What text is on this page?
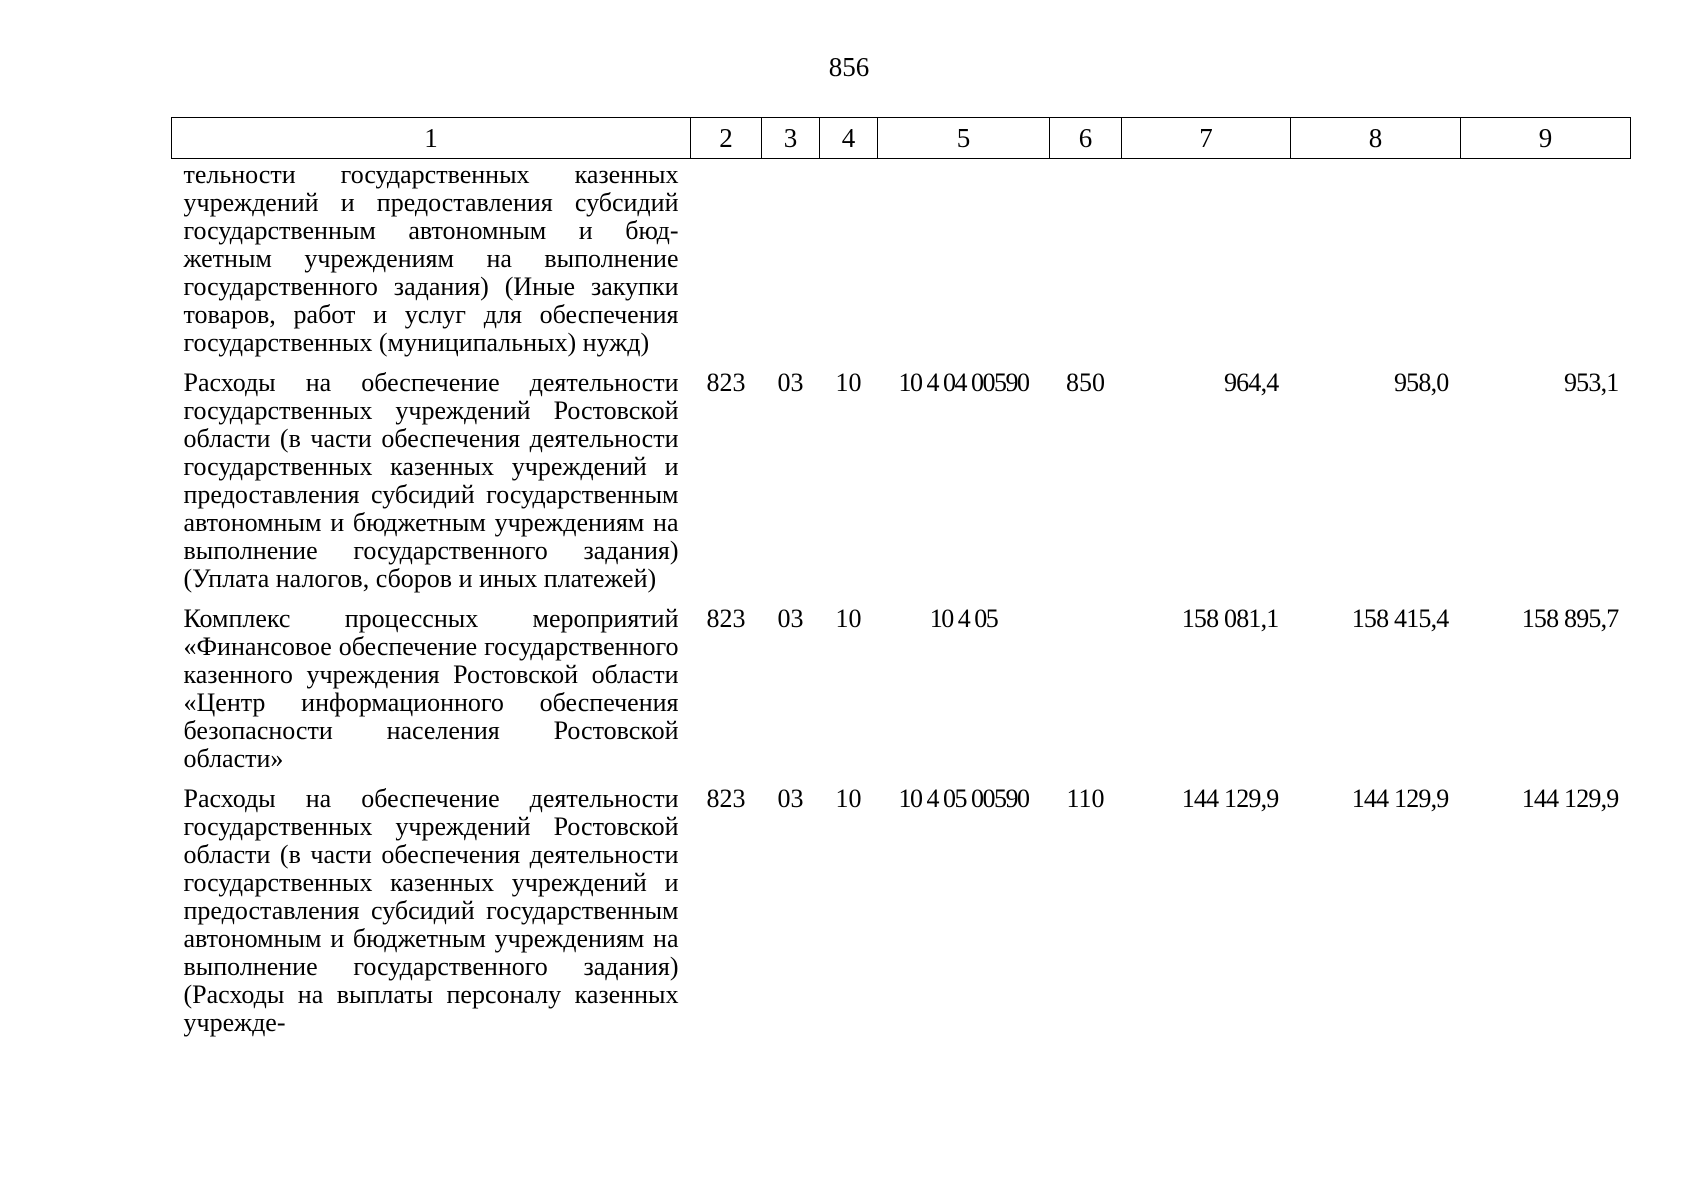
856
1	2	3	4	5	6	7	8	9
тельности государственных казенных учреждений и предоставления субсидий государственным автономным и бюджетным учреждениям на выполнение государственного задания) (Иные закупки товаров, работ и услуг для обеспечения государственных (муниципальных) нужд)								
Расходы на обеспечение деятельности государственных учреждений Ростовской области (в части обеспечения деятельности государственных казенных учреждений и предоставления субсидий государственным автономным и бюджетным учреждениям на выполнение государственного задания) (Уплата налогов, сборов и иных платежей)	823	03	10	10 4 04 00590	850	964,4	958,0	953,1
Комплекс процессных мероприятий «Финансовое обеспечение государственного казенного учреждения Ростовской области «Центр информационного обеспечения безопасности населения Ростовской области»	823	03	10	10 4 05		158 081,1	158 415,4	158 895,7
Расходы на обеспечение деятельности государственных учреждений Ростовской области (в части обеспечения деятельности государственных казенных учреждений и предоставления субсидий государственным автономным и бюджетным учреждениям на выполнение государственного задания) (Расходы на выплаты персоналу казенных учрежде-	823	03	10	10 4 05 00590	110	144 129,9	144 129,9	144 129,9
